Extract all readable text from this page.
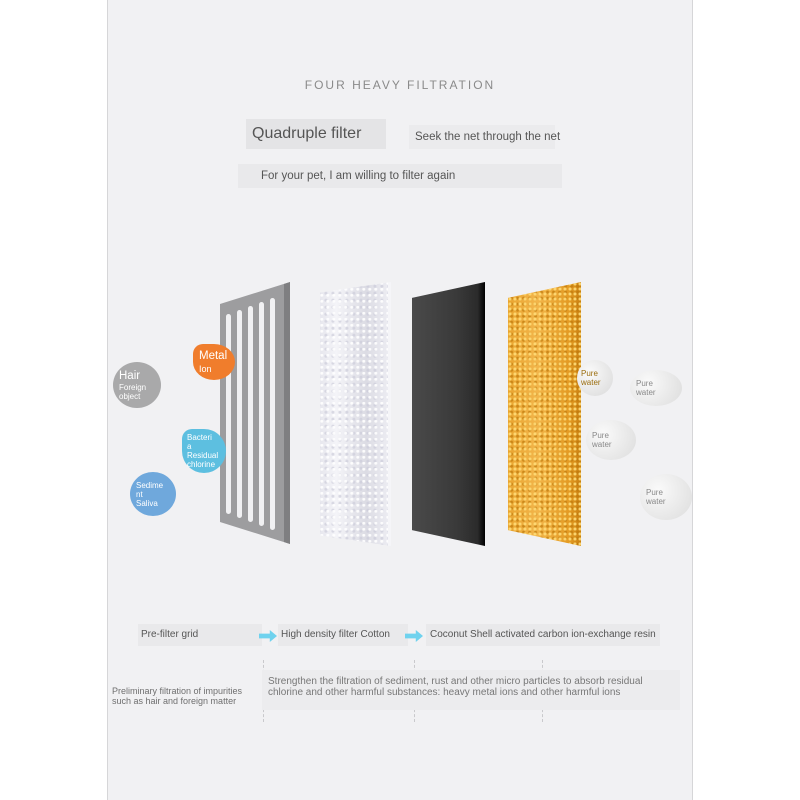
FOUR HEAVY FILTRATION
Quadruple filter	Seek the net through the net
For your pet, I am willing to filter again
Hair
Foreign
object
Metal
Ion
Bacteri
a
Residual
chlorine
Sedime
nt
Saliva
Pure
water	Pure
water
Pure
water
Pure
water
Pre-filter grid	High density filter Cotton	Coconut Shell activated carbon ion-exchange resin
Preliminary filtration of impurities such as hair and foreign matter
Strengthen the filtration of sediment, rust and other micro particles to absorb residual chlorine and other harmful substances: heavy metal ions and other harmful ions
